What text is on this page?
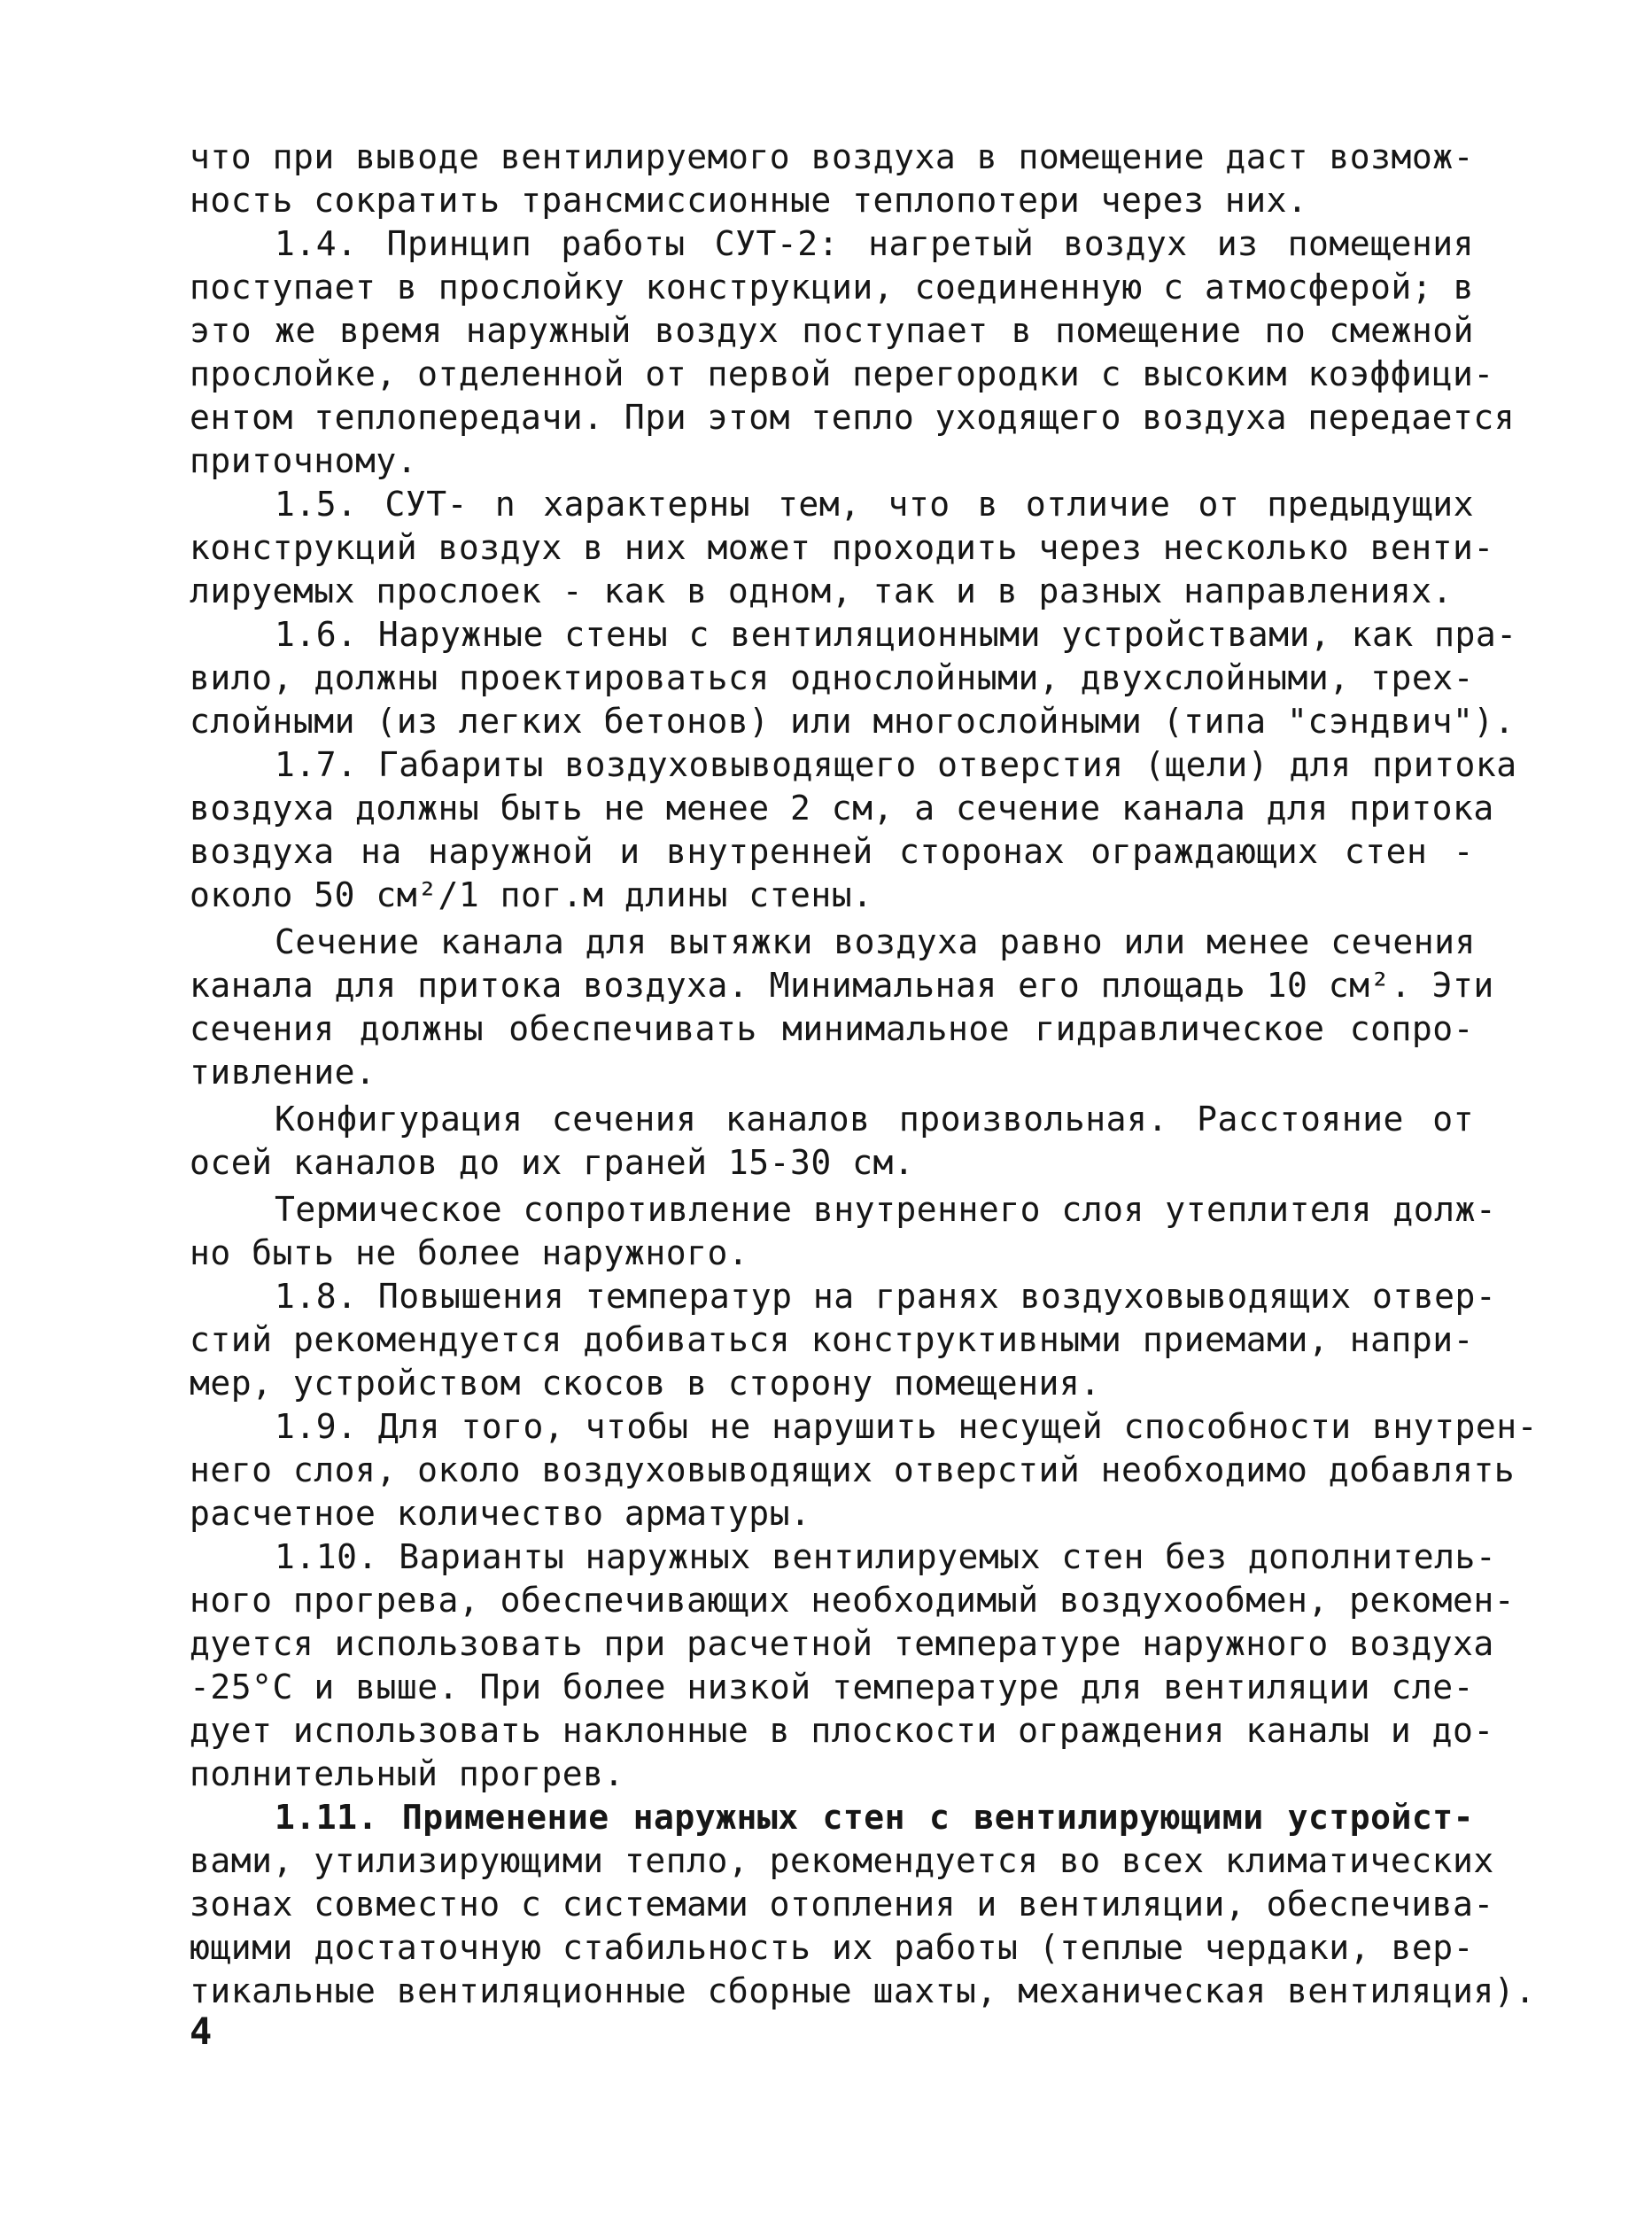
что при выводе вентилируемого воздуха в помещение даст возмож-
ность сократить трансмиссионные теплопотери через них.
1.4. Принцип работы СУТ-2: нагретый воздух из помещения
поступает в прослойку конструкции, соединенную с атмосферой; в
это же время наружный воздух поступает в помещение по смежной
прослойке, отделенной от первой перегородки с высоким коэффици-
ентом теплопередачи. При этом тепло уходящего воздуха передается
приточному.
1.5. СУТ- n характерны тем, что в отличие от предыдущих
конструкций воздух в них может проходить через несколько венти-
лируемых прослоек - как в одном, так и в разных направлениях.
1.6. Наружные стены с вентиляционными устройствами, как пра-
вило, должны проектироваться однослойными, двухслойными, трех-
слойными (из легких бетонов) или многослойными (типа "сэндвич").
1.7. Габариты воздуховыводящего отверстия (щели) для притока
воздуха должны быть не менее 2 см, а сечение канала для притока
воздуха на наружной и внутренней сторонах ограждающих стен -
около 50 см²/1 пог.м длины стены.
Сечение канала для вытяжки воздуха равно или менее сечения
канала для притока воздуха. Минимальная его площадь 10 см². Эти
сечения должны обеспечивать минимальное гидравлическое сопро-
тивление.
Конфигурация сечения каналов произвольная. Расстояние от
осей каналов до их граней 15-30 см.
Термическое сопротивление внутреннего слоя утеплителя долж-
но быть не более наружного.
1.8. Повышения температур на гранях воздуховыводящих отвер-
стий рекомендуется добиваться конструктивными приемами, напри-
мер, устройством скосов в сторону помещения.
1.9. Для того, чтобы не нарушить несущей способности внутрен-
него слоя, около воздуховыводящих отверстий необходимо добавлять
расчетное количество арматуры.
1.10. Варианты наружных вентилируемых стен без дополнитель-
ного прогрева, обеспечивающих необходимый воздухообмен, рекомен-
дуется использовать при расчетной температуре наружного воздуха
-25°С и выше. При более низкой температуре для вентиляции сле-
дует использовать наклонные в плоскости ограждения каналы и до-
полнительный прогрев.
1.11. Применение наружных стен с вентилирующими устройст-
вами, утилизирующими тепло, рекомендуется во всех климатических
зонах совместно с системами отопления и вентиляции, обеспечива-
ющими достаточную стабильность их работы (теплые чердаки, вер-
тикальные вентиляционные сборные шахты, механическая вентиляция).
4
